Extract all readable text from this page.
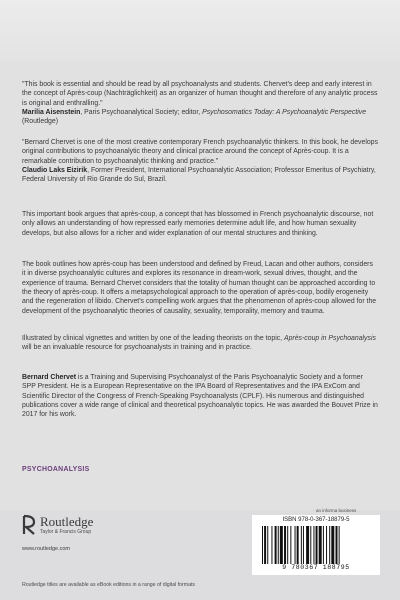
"This book is essential and should be read by all psychoanalysts and students. Chervet's deep and early interest in the concept of Après-coup (Nachträglichkeit) as an organizer of human thought and therefore of any analytic process is original and enthralling."
Marilia Aisenstein, Paris Psychoanalytical Society; editor, Psychosomatics Today: A Psychoanalytic Perspective (Routledge)
"Bernard Chervet is one of the most creative contemporary French psychoanalytic thinkers. In this book, he develops original contributions to psychoanalytic theory and clinical practice around the concept of Après-coup. It is a remarkable contribution to psychoanalytic thinking and practice."
Claudio Laks Eizirik, Former President, International Psychoanalytic Association; Professor Emeritus of Psychiatry, Federal University of Rio Grande do Sul, Brazil.
This important book argues that après-coup, a concept that has blossomed in French psychoanalytic discourse, not only allows an understanding of how repressed early memories determine adult life, and how human sexuality develops, but also allows for a richer and wider explanation of our mental structures and thinking.
The book outlines how après-coup has been understood and defined by Freud, Lacan and other authors, considers it in diverse psychoanalytic cultures and explores its resonance in dream-work, sexual drives, thought, and the experience of trauma. Bernard Chervet considers that the totality of human thought can be approached according to the theory of après-coup. It offers a metapsychological approach to the operation of après-coup, bodily erogeneity and the regeneration of libido. Chervet's compelling work argues that the phenomenon of après-coup allowed for the development of the psychoanalytic theories of causality, sexuality, temporality, memory and trauma.
Illustrated by clinical vignettes and written by one of the leading theorists on the topic, Après-coup in Psychoanalysis will be an invaluable resource for psychoanalysts in training and in practice.
Bernard Chervet is a Training and Supervising Psychoanalyst of the Paris Psychoanalytic Society and a former SPP President. He is a European Representative on the IPA Board of Representatives and the IPA ExCom and Scientific Director of the Congress of French-Speaking Psychoanalysts (CPLF). His numerous and distinguished publications cover a wide range of clinical and theoretical psychoanalytic topics. He was awarded the Bouvet Prize in 2017 for his work.
PSYCHOANALYSIS
Routledge
Taylor & Francis Group
www.routledge.com
an informa business
Routledge titles are available as eBook editions in a range of digital formats
ISBN 978-0-367-18879-5
9 780367 188795
